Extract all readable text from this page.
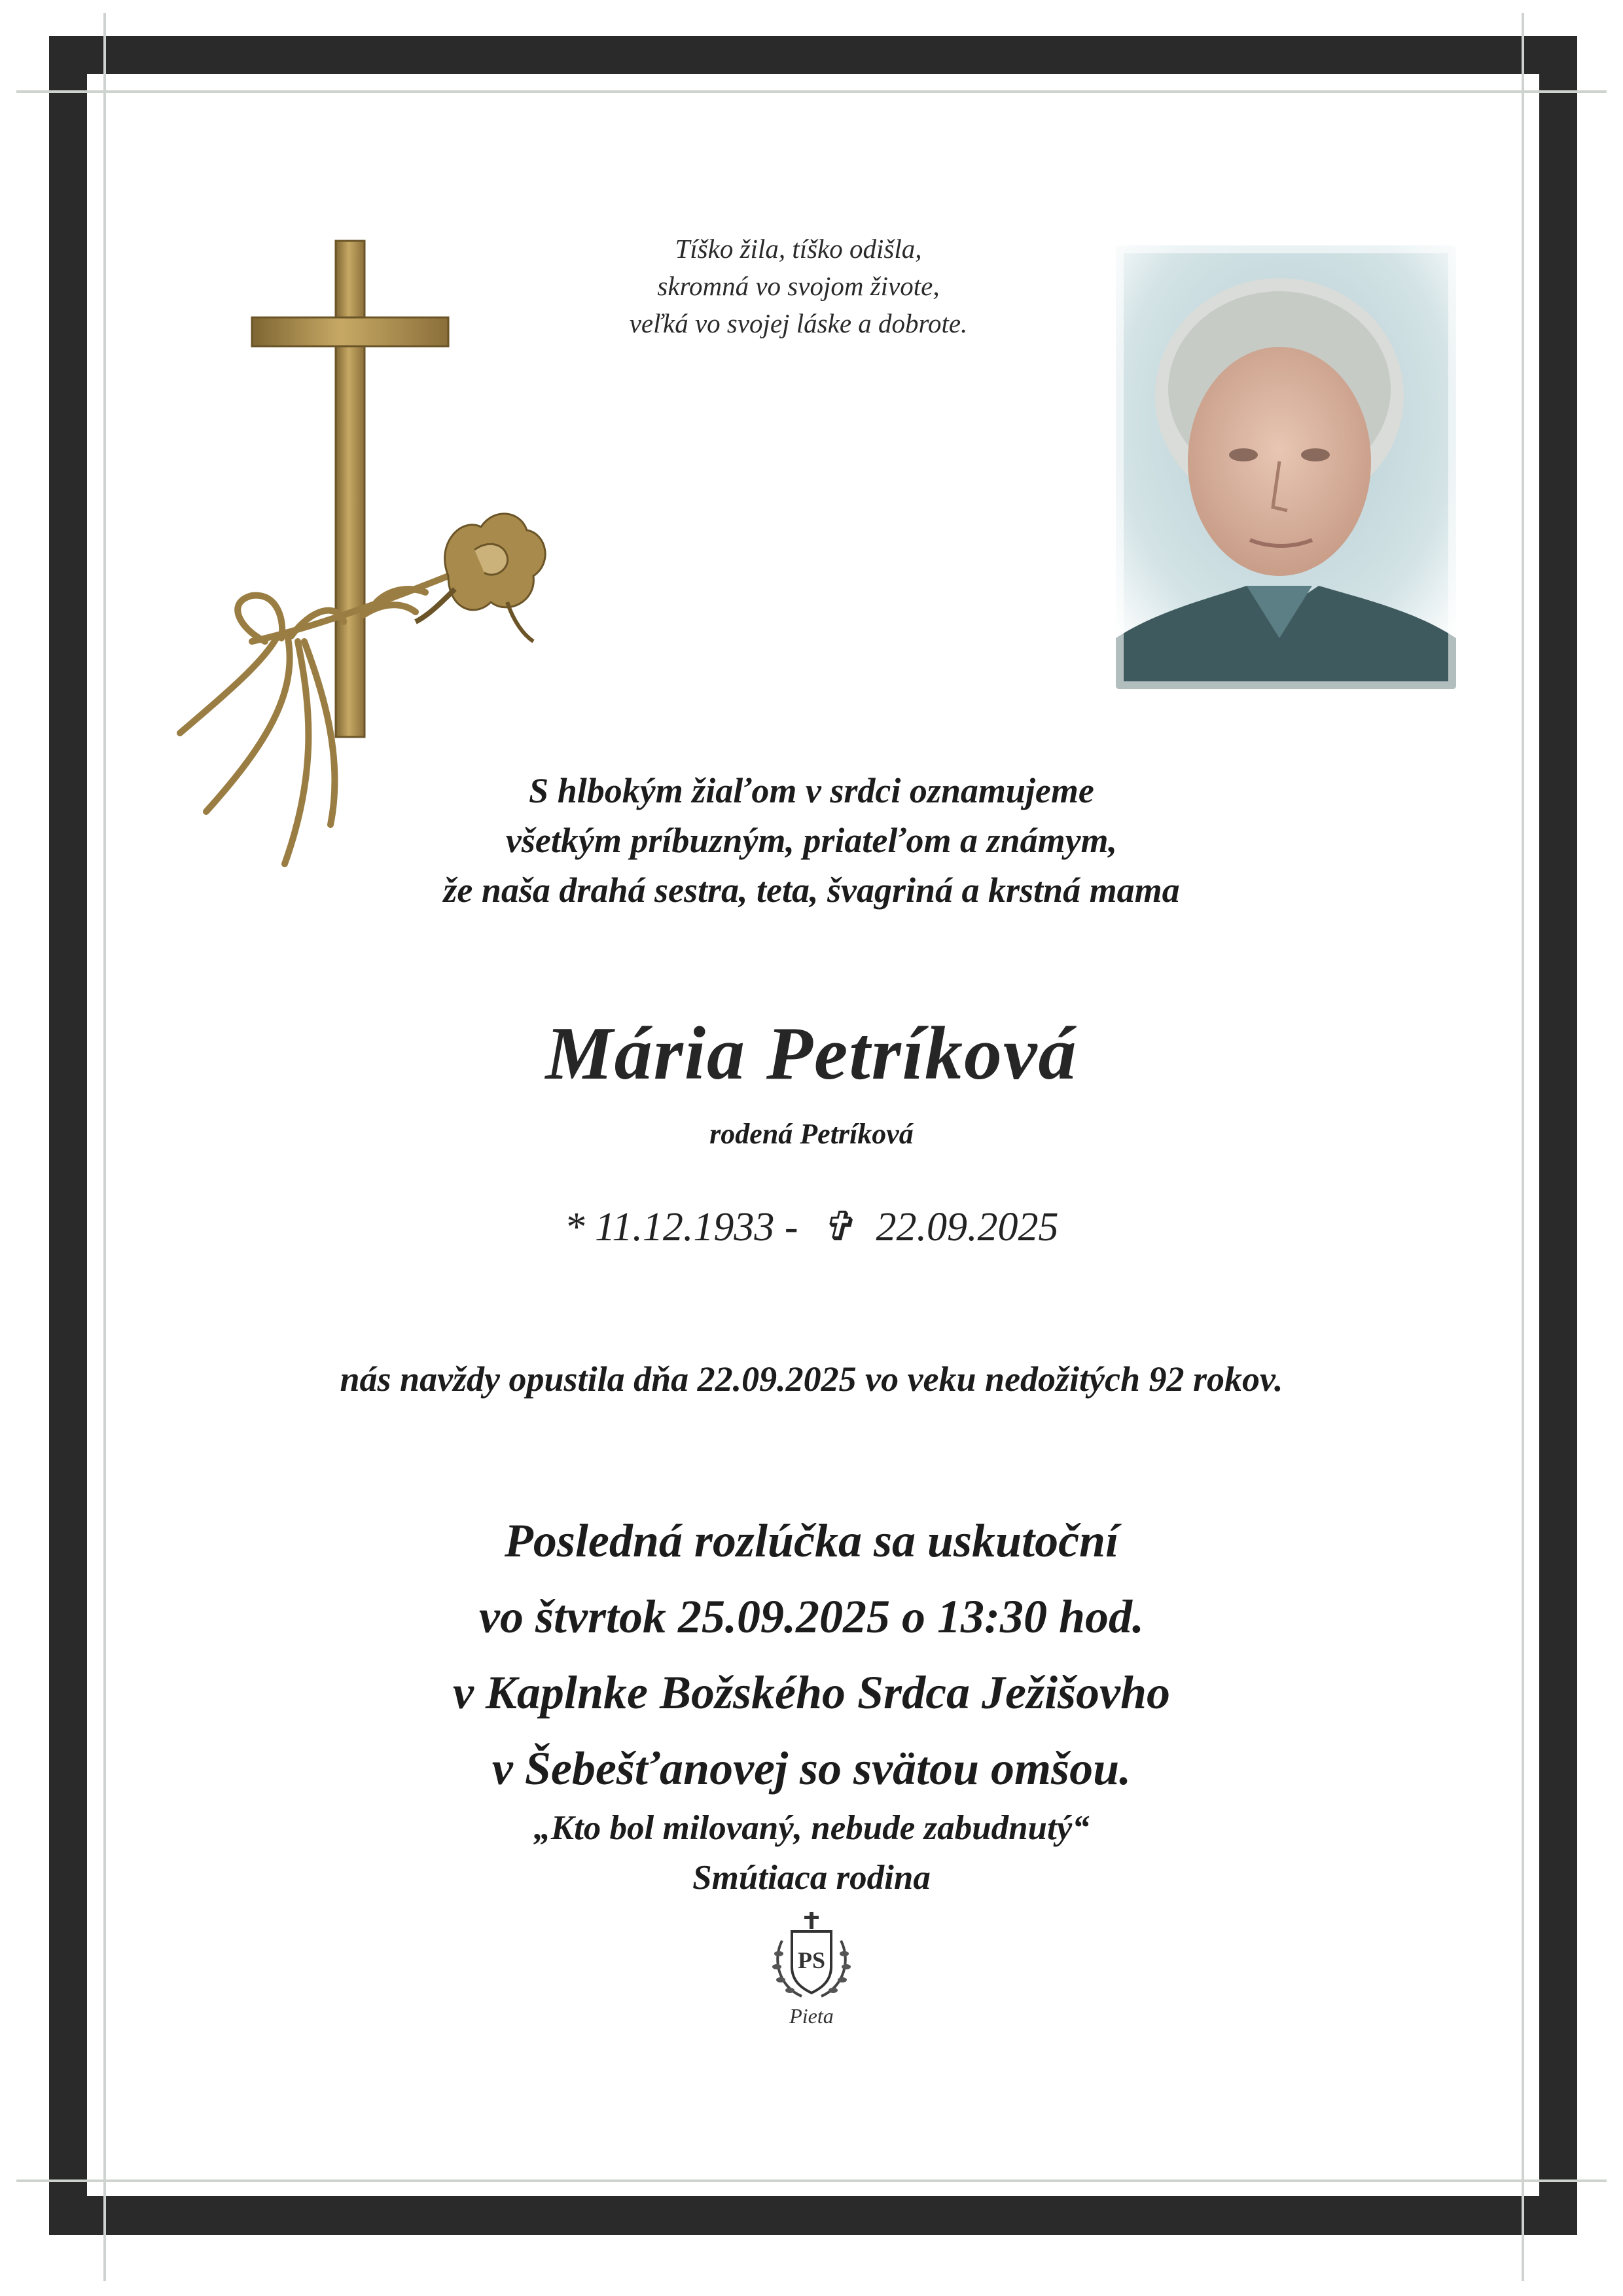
Tíško žila, tíško odišla,
skromná vo svojom živote,
veľká vo svojej láske a dobrote.
S hlbokým žiaľom v srdci oznamujeme
všetkým príbuzným, priateľom a známym,
že naša drahá sestra, teta, švagriná a krstná mama
Mária Petríková
rodená Petríková
* 11.12.1933 - ✞ 22.09.2025
nás navždy opustila dňa 22.09.2025 vo veku nedožitých 92 rokov.
Posledná rozlúčka sa uskutoční
vo štvrtok 25.09.2025 o 13:30 hod.
v Kaplnke Božského Srdca Ježišovho
v Šebešťanovej so svätou omšou.
„Kto bol milovaný, nebude zabudnutý“
Smútiaca rodina
PS
Pieta
